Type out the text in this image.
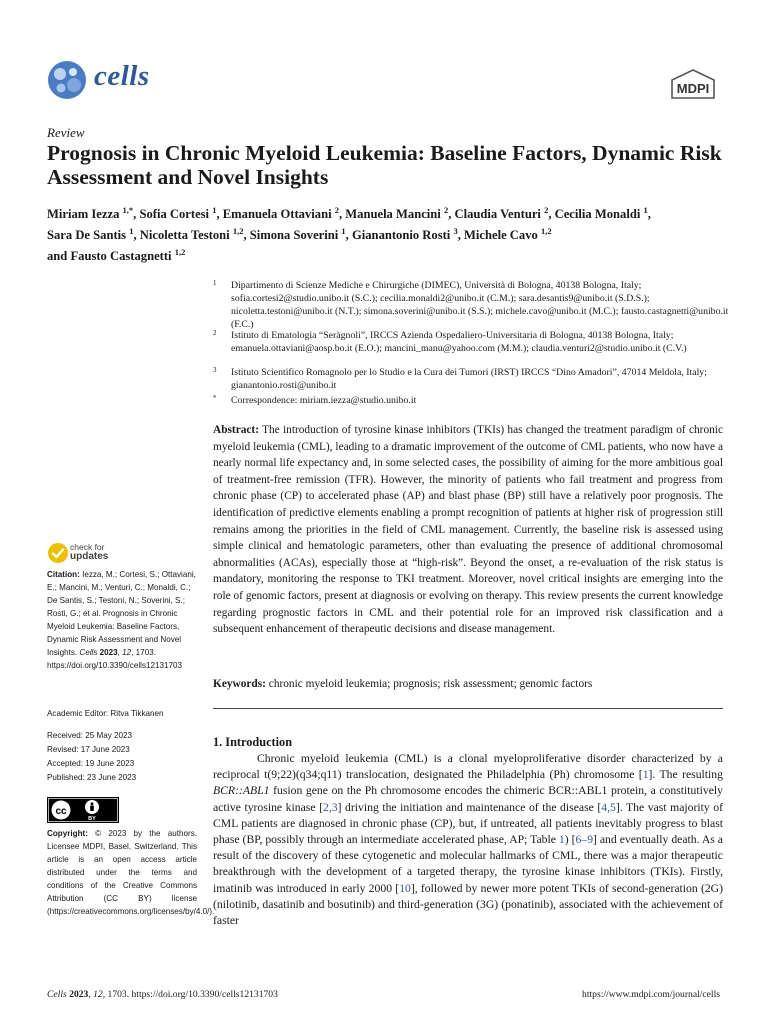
cells	MDPI
Review
Prognosis in Chronic Myeloid Leukemia: Baseline Factors, Dynamic Risk Assessment and Novel Insights
Miriam Iezza $^{1,*}$, Sofia Cortesi $^1$, Emanuela Ottaviani $^2$, Manuela Mancini $^2$, Claudia Venturi $^2$, Cecilia Monaldi $^1$,
Sara De Santis $^1$, Nicoletta Testoni $^{1,2}$, Simona Soverini $^1$, Gianantonio Rosti $^3$, Michele Cavo $^{1,2}$
and Fausto Castagnetti $^{1,2}$
1 Dipartimento di Scienze Mediche e Chirurgiche (DIMEC), Università di Bologna, 40138 Bologna, Italy; sofia.cortesi2@studio.unibo.it (S.C.); cecilia.monaldi2@unibo.it (C.M.); sara.desantis9@unibo.it (S.D.S.); nicoletta.testoni@unibo.it (N.T.); simona.soverini@unibo.it (S.S.); michele.cavo@unibo.it (M.C.); fausto.castagnetti@unibo.it (F.C.)
2 Istituto di Ematologia “Seràgnoli”, IRCCS Azienda Ospedaliero-Universitaria di Bologna, 40138 Bologna, Italy; emanuela.ottaviani@aosp.bo.it (E.O.); mancini_manu@yahoo.com (M.M.); claudia.venturi2@studio.unibo.it (C.V.)
3 Istituto Scientifico Romagnolo per lo Studio e la Cura dei Tumori (IRST) IRCCS “Dino Amadori”, 47014 Meldola, Italy; gianantonio.rosti@unibo.it
* Correspondence: miriam.iezza@studio.unibo.it
Abstract: The introduction of tyrosine kinase inhibitors (TKIs) has changed the treatment paradigm of chronic myeloid leukemia (CML), leading to a dramatic improvement of the outcome of CML patients, who now have a nearly normal life expectancy and, in some selected cases, the possibility of aiming for the more ambitious goal of treatment-free remission (TFR). However, the minority of patients who fail treatment and progress from chronic phase (CP) to accelerated phase (AP) and blast phase (BP) still have a relatively poor prognosis. The identification of predictive elements enabling a prompt recognition of patients at higher risk of progression still remains among the priorities in the field of CML management. Currently, the baseline risk is assessed using simple clinical and hematologic parameters, other than evaluating the presence of additional chromosomal abnormalities (ACAs), especially those at “high-risk”. Beyond the onset, a re-evaluation of the risk status is mandatory, monitoring the response to TKI treatment. Moreover, novel critical insights are emerging into the role of genomic factors, present at diagnosis or evolving on therapy. This review presents the current knowledge regarding prognostic factors in CML and their potential role for an improved risk classification and a subsequent enhancement of therapeutic decisions and disease management.
Keywords: chronic myeloid leukemia; prognosis; risk assessment; genomic factors
1. Introduction

Chronic myeloid leukemia (CML) is a clonal myeloproliferative disorder characterized by a reciprocal t(9;22)(q34;q11) translocation, designated the Philadelphia (Ph) chromosome [1]. The resulting BCR::ABL1 fusion gene on the Ph chromosome encodes the chimeric BCR::ABL1 protein, a constitutively active tyrosine kinase [2,3] driving the initiation and maintenance of the disease [4,5]. The vast majority of CML patients are diagnosed in chronic phase (CP), but, if untreated, all patients inevitably progress to blast phase (BP, possibly through an intermediate accelerated phase, AP; Table 1) [6–9] and eventually death. As a result of the discovery of these cytogenetic and molecular hallmarks of CML, there was a major therapeutic breakthrough with the development of a targeted therapy, the tyrosine kinase inhibitors (TKIs). Firstly, imatinib was introduced in early 2000 [10], followed by newer more potent TKIs of second-generation (2G) (nilotinib, dasatinib and bosutinib) and third-generation (3G) (ponatinib), associated with the achievement of faster

check for
updates
Citation: Iezza, M.; Cortesi, S.; Ottaviani, E.; Mancini, M.; Venturi, C.; Monaldi, C.; De Santis, S.; Testoni, N.; Soverini, S.; Rosti, G.; et al. Prognosis in Chronic Myeloid Leukemia: Baseline Factors, Dynamic Risk Assessment and Novel Insights. Cells 2023, 12, 1703. https://doi.org/10.3390/cells12131703
Academic Editor: Ritva Tikkanen
Received: 25 May 2023
Revised: 17 June 2023
Accepted: 19 June 2023
Published: 23 June 2023
cc
BY
Copyright: © 2023 by the authors. Licensee MDPI, Basel, Switzerland. This article is an open access article distributed under the terms and conditions of the Creative Commons Attribution (CC BY) license (https://creativecommons.org/licenses/by/4.0/).
Cells 2023, 12, 1703. https://doi.org/10.3390/cells12131703	https://www.mdpi.com/journal/cells
